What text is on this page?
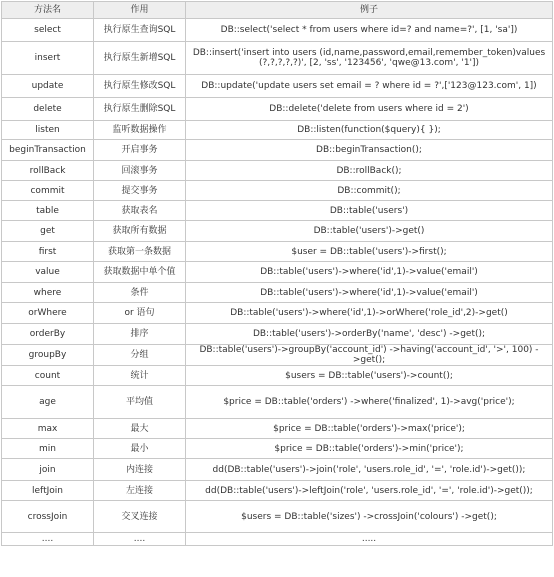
方法名	作用	例子
select	执行原生查询SQL	DB::select('select * from users where id=? and name=?', [1, 'sa'])
insert	执行原生新增SQL	DB::insert('insert into users (id,name,password,email,remember_token)values (?,?,?,?,?)', [2, 'ss', '123456', 'qwe@13.com', '1'])
update	执行原生修改SQL	DB::update('update users set email = ? where id = ?',['123@123.com', 1])
delete	执行原生删除SQL	DB::delete('delete from users where id = 2')
listen	监听数据操作	DB::listen(function($query){ });
beginTransaction	开启事务	DB::beginTransaction();
rollBack	回滚事务	DB::rollBack();
commit	提交事务	DB::commit();
table	获取表名	DB::table('users')
get	获取所有数据	DB::table('users')->get()
first	获取第一条数据	$user = DB::table('users')->first();
value	获取数据中单个值	DB::table('users')->where('id',1)->value('email')
where	条件	DB::table('users')->where('id',1)->value('email')
orWhere	or 语句	DB::table('users')->where('id',1)->orWhere('role_id',2)->get()
orderBy	排序	DB::table('users')->orderBy('name', 'desc') ->get();
groupBy	分组	DB::table('users')->groupBy('account_id') ->having('account_id', '>', 100) ->get();
count	统计	$users = DB::table('users')->count();
age	平均值	$price = DB::table('orders') ->where('finalized', 1)->avg('price');
max	最大	$price = DB::table('orders')->max('price');
min	最小	$price = DB::table('orders')->min('price');
join	内连接	dd(DB::table('users')->join('role', 'users.role_id', '=', 'role.id')->get());
leftJoin	左连接	dd(DB::table('users')->leftJoin('role', 'users.role_id', '=', 'role.id')->get());
crossJoin	交叉连接	$users = DB::table('sizes') ->crossJoin('colours') ->get();
....	....	.....
